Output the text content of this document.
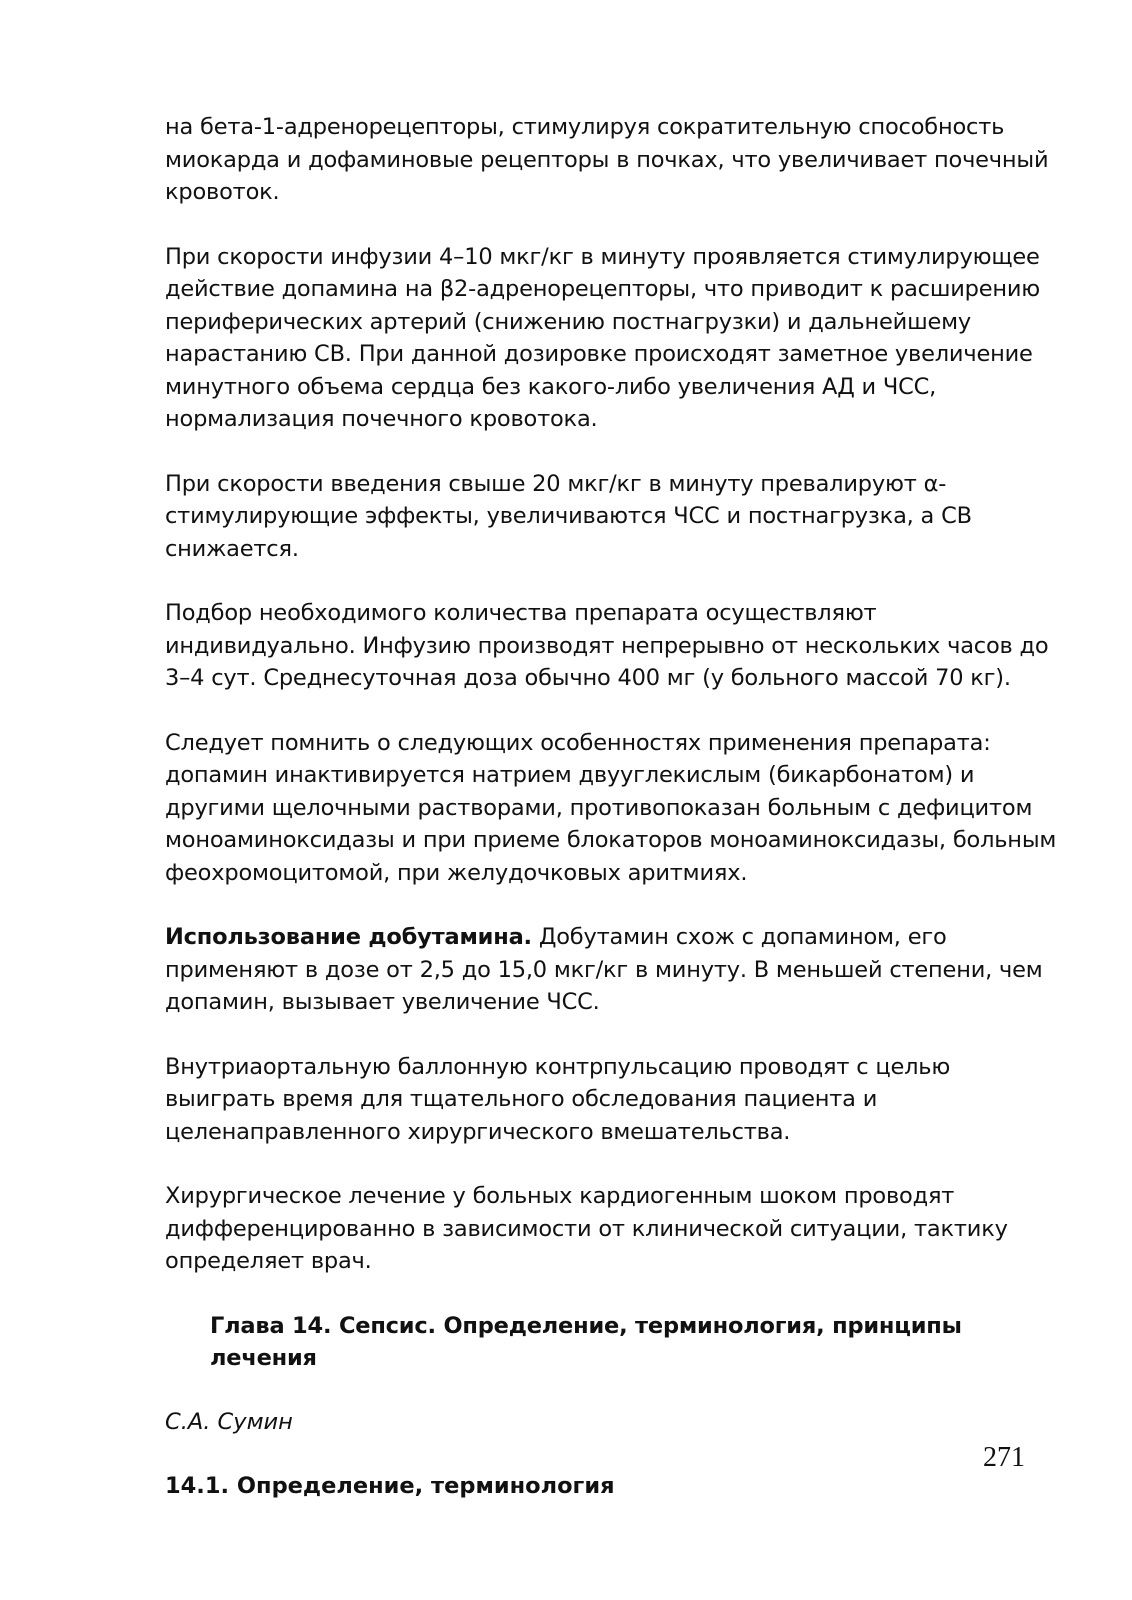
на бета-1-адренорецепторы, стимулируя сократительную способность миокарда и дофаминовые рецепторы в почках, что увеличивает почечный кровоток.

При скорости инфузии 4–10 мкг/кг в минуту проявляется стимулирующее действие допамина на β2-адренорецепторы, что приводит к расширению периферических артерий (снижению постнагрузки) и дальнейшему нарастанию СВ. При данной дозировке происходят заметное увеличение минутного объема сердца без какого-либо увеличения АД и ЧСС, нормализация почечного кровотока.

При скорости введения свыше 20 мкг/кг в минуту превалируют α-стимулирующие эффекты, увеличиваются ЧСС и постнагрузка, а СВ снижается.

Подбор необходимого количества препарата осуществляют индивидуально. Инфузию производят непрерывно от нескольких часов до 3–4 сут. Среднесуточная доза обычно 400 мг (у больного массой 70 кг).

Следует помнить о следующих особенностях применения препарата: допамин инактивируется натрием двууглекислым (бикарбонатом) и другими щелочными растворами, противопоказан больным с дефицитом моноаминоксидазы и при приеме блокаторов моноаминоксидазы, больным феохромоцитомой, при желудочковых аритмиях.

Использование добутамина. Добутамин схож с допамином, его применяют в дозе от 2,5 до 15,0 мкг/кг в минуту. В меньшей степени, чем допамин, вызывает увеличение ЧСС.

Внутриаортальную баллонную контрпульсацию проводят с целью выиграть время для тщательного обследования пациента и целенаправленного хирургического вмешательства.

Хирургическое лечение у больных кардиогенным шоком проводят дифференцированно в зависимости от клинической ситуации, тактику определяет врач.

Глава 14. Сепсис. Определение, терминология, принципы лечения

С.А. Сумин

14.1. Определение, терминология
271
